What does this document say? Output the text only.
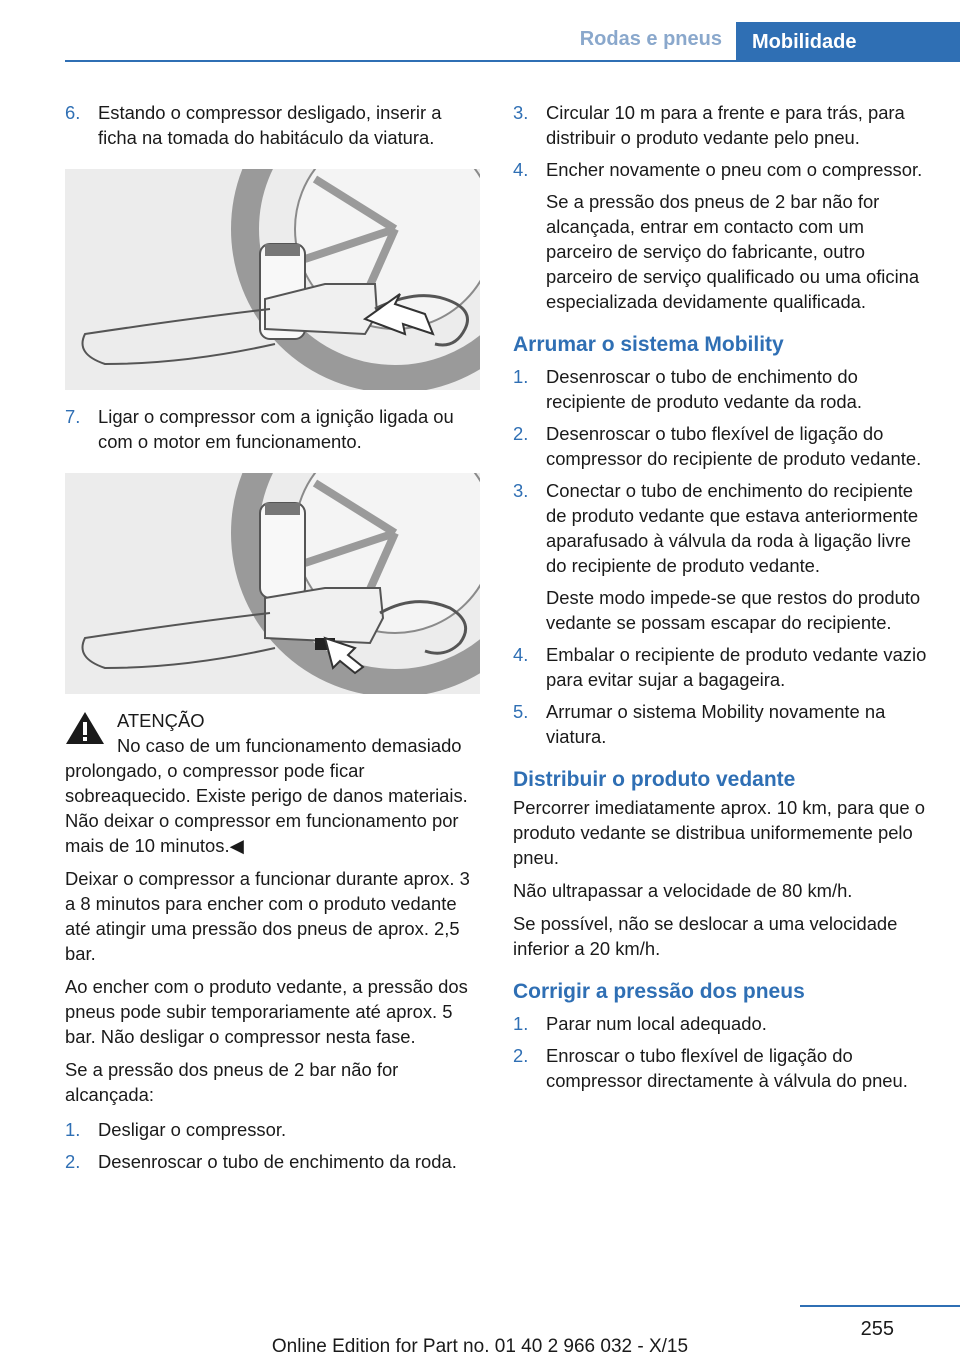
Rodas e pneus	Mobilidade
6. Estando o compressor desligado, inserir a ficha na tomada do habitáculo da viatura.
7. Ligar o compressor com a ignição ligada ou com o motor em funcionamento.
ATENÇÃO
No caso de um funcionamento demasiado prolongado, o compressor pode ficar sobreaquecido. Existe perigo de danos materiais. Não deixar o compressor em funcionamento por mais de 10 minutos.◀

Deixar o compressor a funcionar durante aprox. 3 a 8 minutos para encher com o produto vedante até atingir uma pressão dos pneus de aprox. 2,5 bar.

Ao encher com o produto vedante, a pressão dos pneus pode subir temporariamente até aprox. 5 bar. Não desligar o compressor nesta fase.

Se a pressão dos pneus de 2 bar não for alcançada:

1. Desligar o compressor.
2. Desenroscar o tubo de enchimento da roda.
3. Circular 10 m para a frente e para trás, para distribuir o produto vedante pelo pneu.
4. Encher novamente o pneu com o compressor.
Se a pressão dos pneus de 2 bar não for alcançada, entrar em contacto com um parceiro de serviço do fabricante, outro parceiro de serviço qualificado ou uma oficina especializada devidamente qualificada.
Arrumar o sistema Mobility
1. Desenroscar o tubo de enchimento do recipiente de produto vedante da roda.
2. Desenroscar o tubo flexível de ligação do compressor do recipiente de produto vedante.
3. Conectar o tubo de enchimento do recipiente de produto vedante que estava anteriormente aparafusado à válvula da roda à ligação livre do recipiente de produto vedante.
Deste modo impede-se que restos do produto vedante se possam escapar do recipiente.
4. Embalar o recipiente de produto vedante vazio para evitar sujar a bagageira.
5. Arrumar o sistema Mobility novamente na viatura.
Distribuir o produto vedante

Percorrer imediatamente aprox. 10 km, para que o produto vedante se distribua uniformemente pelo pneu.

Não ultrapassar a velocidade de 80 km/h.

Se possível, não se deslocar a uma velocidade inferior a 20 km/h.

Corrigir a pressão dos pneus
1. Parar num local adequado.
2. Enroscar o tubo flexível de ligação do compressor directamente à válvula do pneu.
255
Online Edition for Part no. 01 40 2 966 032 - X/15
